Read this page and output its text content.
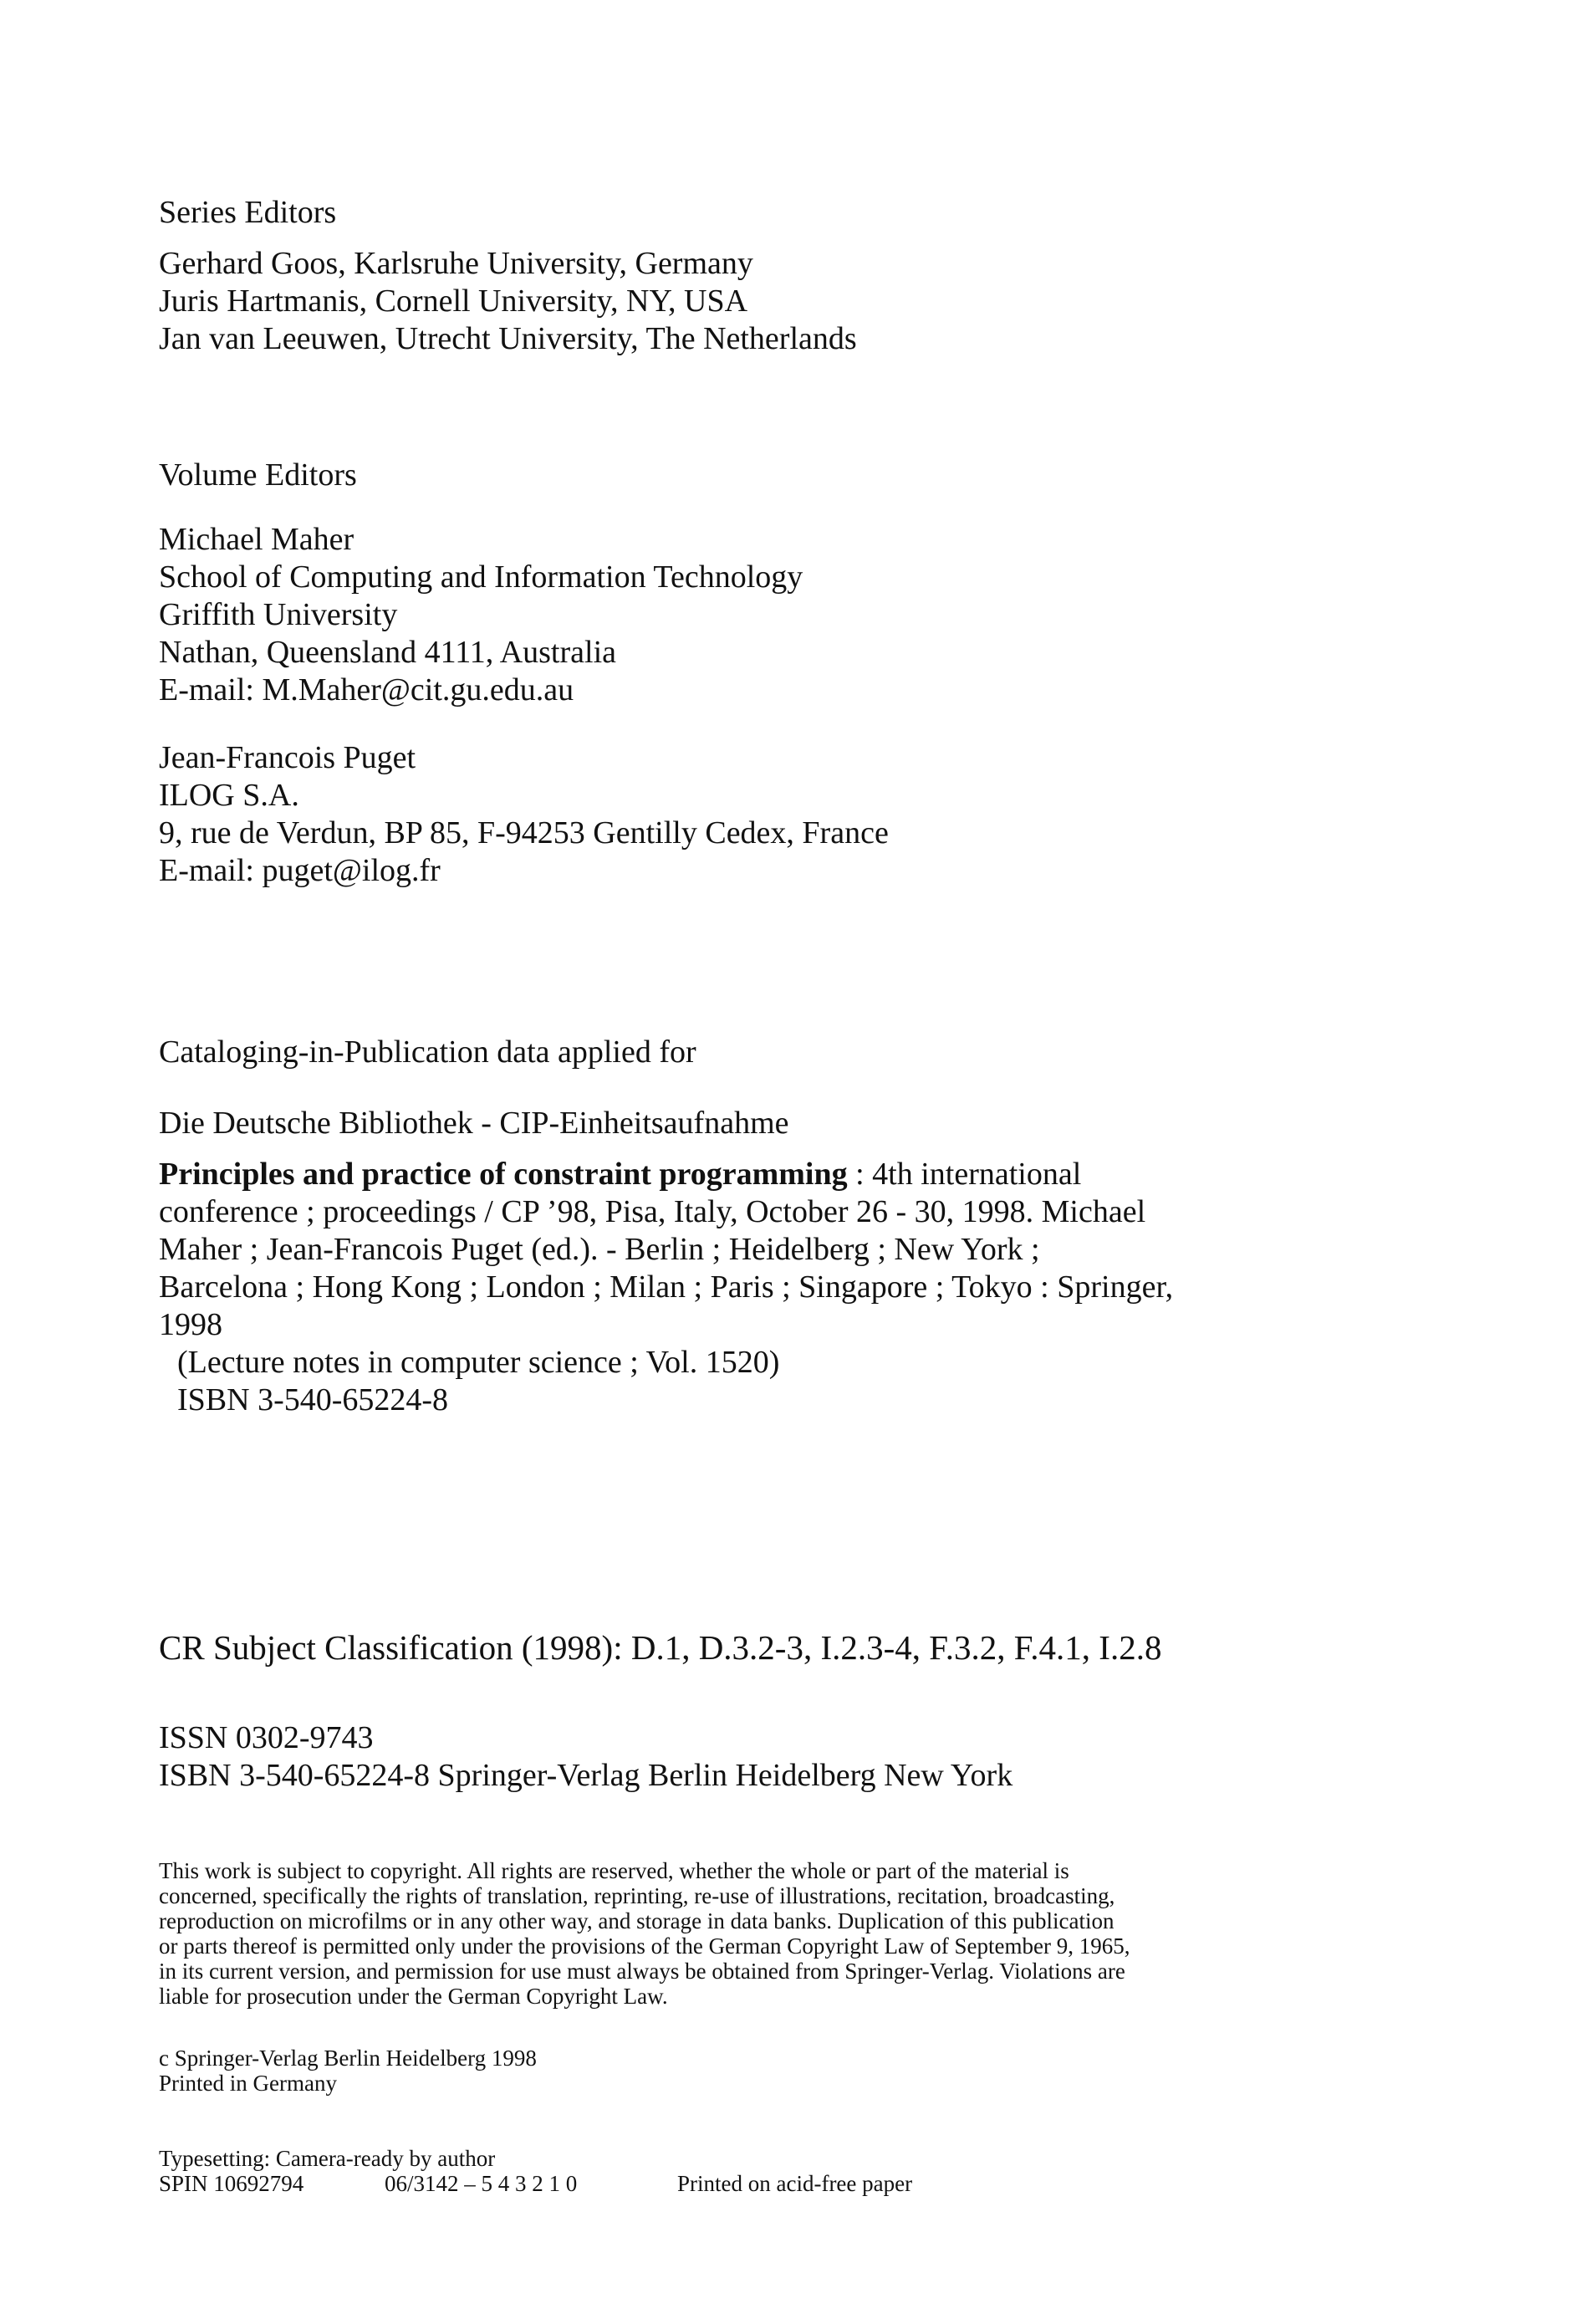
Series Editors
Gerhard Goos, Karlsruhe University, Germany
Juris Hartmanis, Cornell University, NY, USA
Jan van Leeuwen, Utrecht University, The Netherlands
Volume Editors
Michael Maher
School of Computing and Information Technology
Griffith University
Nathan, Queensland 4111, Australia
E-mail: M.Maher@cit.gu.edu.au
Jean-Francois Puget
ILOG S.A.
9, rue de Verdun, BP 85, F-94253 Gentilly Cedex, France
E-mail: puget@ilog.fr
Cataloging-in-Publication data applied for
Die Deutsche Bibliothek - CIP-Einheitsaufnahme
Principles and practice of constraint programming : 4th international
conference ; proceedings / CP ’98, Pisa, Italy, October 26 - 30, 1998. Michael
Maher ; Jean-Francois Puget (ed.). - Berlin ; Heidelberg ; New York ;
Barcelona ; Hong Kong ; London ; Milan ; Paris ; Singapore ; Tokyo : Springer,
1998
(Lecture notes in computer science ; Vol. 1520)
ISBN 3-540-65224-8
CR Subject Classification (1998): D.1, D.3.2-3, I.2.3-4, F.3.2, F.4.1, I.2.8
ISSN 0302-9743
ISBN 3-540-65224-8 Springer-Verlag Berlin Heidelberg New York
This work is subject to copyright. All rights are reserved, whether the whole or part of the material is
concerned, specifically the rights of translation, reprinting, re-use of illustrations, recitation, broadcasting,
reproduction on microfilms or in any other way, and storage in data banks. Duplication of this publication
or parts thereof is permitted only under the provisions of the German Copyright Law of September 9, 1965,
in its current version, and permission for use must always be obtained from Springer-Verlag. Violations are
liable for prosecution under the German Copyright Law.
c Springer-Verlag Berlin Heidelberg 1998
Printed in Germany
Typesetting: Camera-ready by author
SPIN 10692794	06/3142 – 5 4 3 2 1 0	Printed on acid-free paper
